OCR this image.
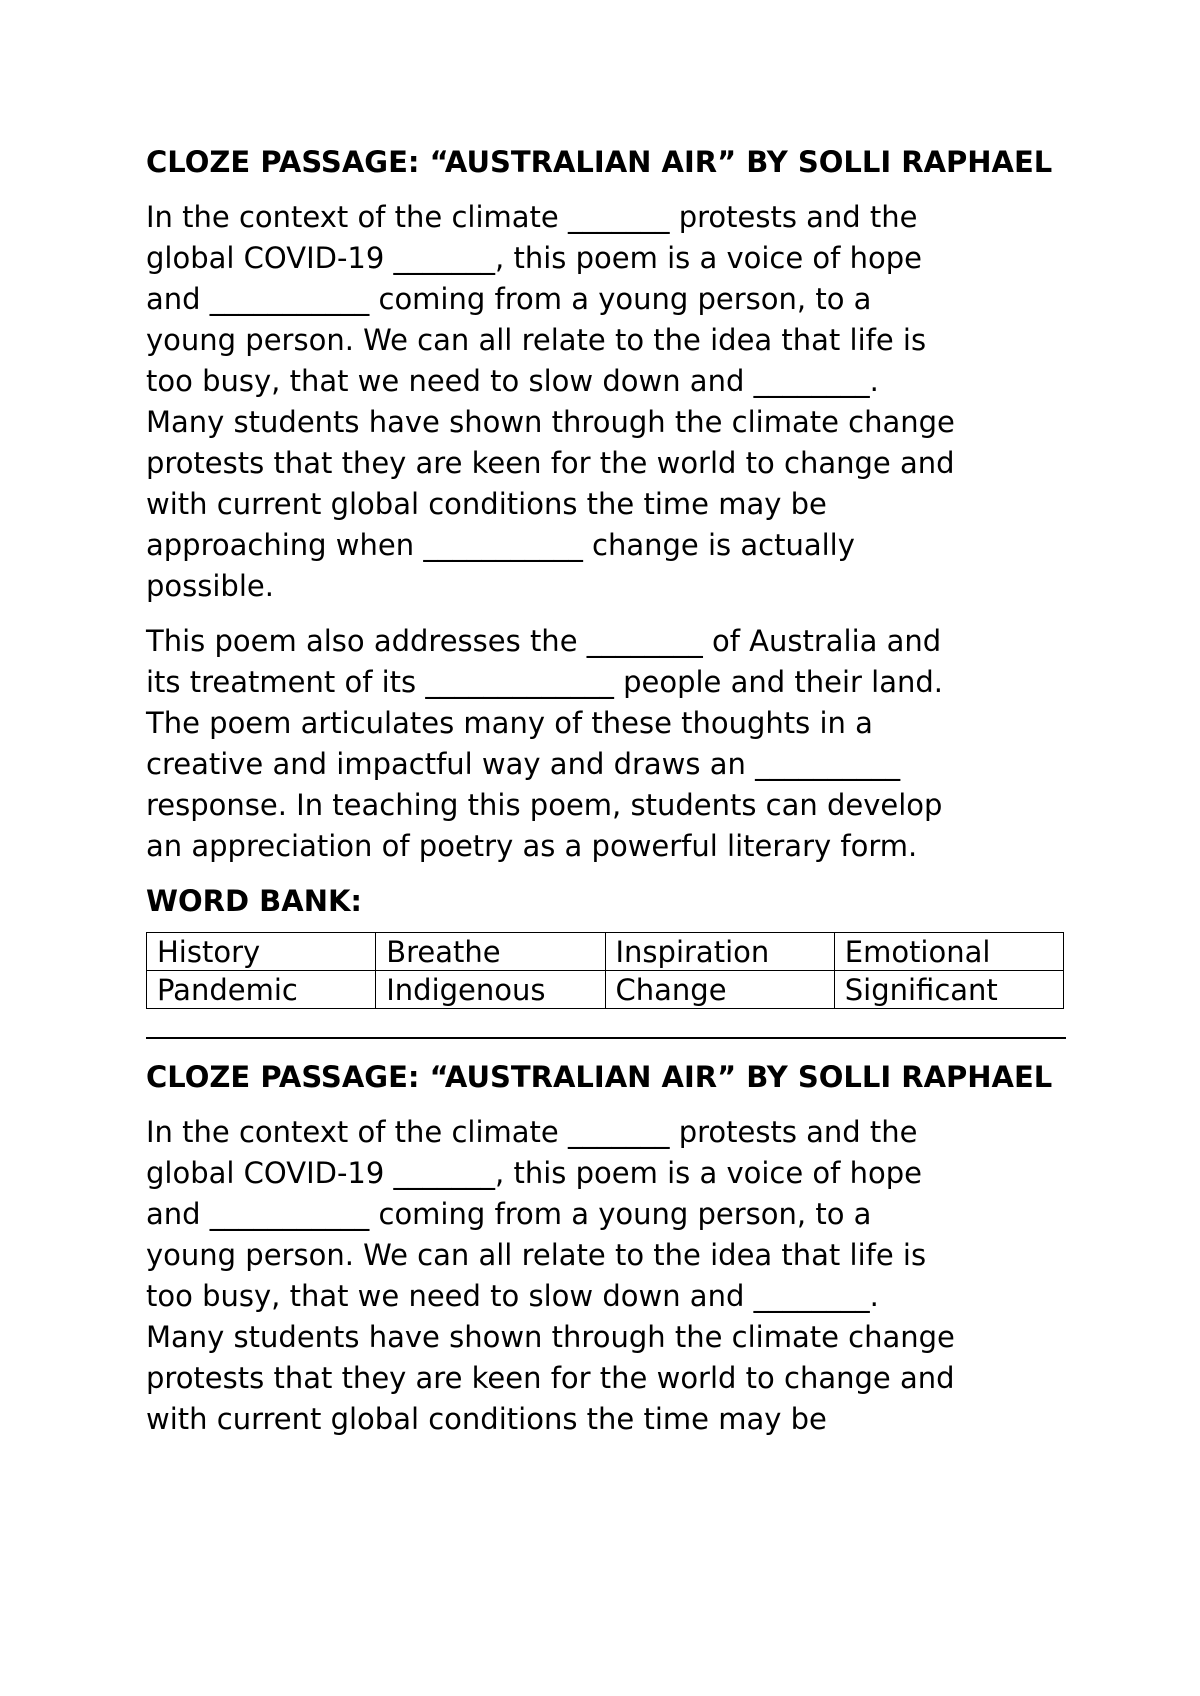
CLOZE PASSAGE: “AUSTRALIAN AIR” BY SOLLI RAPHAEL
In the context of the climate _______ protests and the
global COVID-19 _______, this poem is a voice of hope
and ___________ coming from a young person, to a
young person. We can all relate to the idea that life is
too busy, that we need to slow down and ________.
Many students have shown through the climate change
protests that they are keen for the world to change and
with current global conditions the time may be
approaching when ___________ change is actually
possible.
This poem also addresses the ________ of Australia and
its treatment of its _____________ people and their land.
The poem articulates many of these thoughts in a
creative and impactful way and draws an __________
response. In teaching this poem, students can develop
an appreciation of poetry as a powerful literary form.
WORD BANK:
History	Breathe	Inspiration	Emotional
Pandemic	Indigenous	Change	Significant
CLOZE PASSAGE: “AUSTRALIAN AIR” BY SOLLI RAPHAEL
In the context of the climate _______ protests and the
global COVID-19 _______, this poem is a voice of hope
and ___________ coming from a young person, to a
young person. We can all relate to the idea that life is
too busy, that we need to slow down and ________.
Many students have shown through the climate change
protests that they are keen for the world to change and
with current global conditions the time may be
